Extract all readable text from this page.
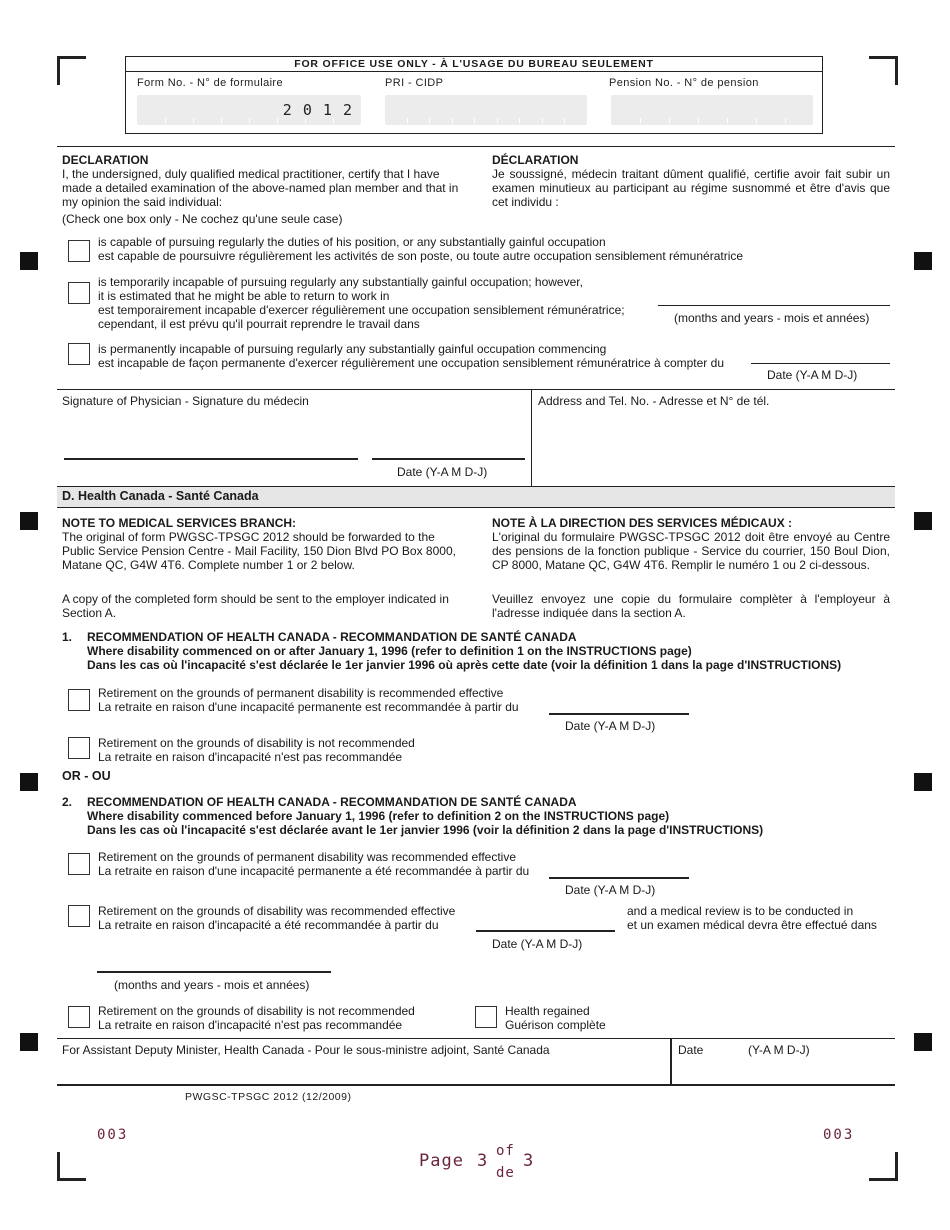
FOR OFFICE USE ONLY - À L'USAGE DU BUREAU SEULEMENT
Form No. - N° de formulaire	PRI - CIDP	Pension No. - N° de pension
2 0 1 2
DECLARATION
I, the undersigned, duly qualified medical practitioner, certify that I have made a detailed examination of the above-named plan member and that in my opinion the said individual:
DÉCLARATION
Je soussigné, médecin traitant dûment qualifié, certifie avoir fait subir un examen minutieux au participant au régime susnommé et être d'avis que cet individu :
(Check one box only - Ne cochez qu'une seule case)
is capable of pursuing regularly the duties of his position, or any substantially gainful occupation
est capable de poursuivre régulièrement les activités de son poste, ou toute autre occupation sensiblement rémunératrice
is temporarily incapable of pursuing regularly any substantially gainful occupation; however,
it is estimated that he might be able to return to work in
est temporairement incapable d'exercer régulièrement une occupation sensiblement rémunératrice;
cependant, il est prévu qu'il pourrait reprendre le travail dans	(months and years - mois et années)
is permanently incapable of pursuing regularly any substantially gainful occupation commencing
est incapable de façon permanente d'exercer régulièrement une occupation sensiblement rémunératrice à compter du
Date (Y-A M D-J)
Signature of Physician - Signature du médecin
Date (Y-A M D-J)
Address and Tel. No. - Adresse et N° de tél.
D. Health Canada - Santé Canada
NOTE TO MEDICAL SERVICES BRANCH:
The original of form PWGSC-TPSGC 2012 should be forwarded to the Public Service Pension Centre - Mail Facility, 150 Dion Blvd PO Box 8000, Matane QC, G4W 4T6. Complete number 1 or 2 below.
A copy of the completed form should be sent to the employer indicated in Section A.
NOTE À LA DIRECTION DES SERVICES MÉDICAUX :
L'original du formulaire PWGSC-TPSGC 2012 doit être envoyé au Centre des pensions de la fonction publique - Service du courrier, 150 Boul Dion, CP 8000, Matane QC, G4W 4T6. Remplir le numéro 1 ou 2 ci-dessous.
Veuillez envoyez une copie du formulaire complèter à l'employeur à l'adresse indiquée dans la section A.
1. RECOMMENDATION OF HEALTH CANADA - RECOMMANDATION DE SANTÉ CANADA
Where disability commenced on or after January 1, 1996 (refer to definition 1 on the INSTRUCTIONS page)
Dans les cas où l'incapacité s'est déclarée le 1er janvier 1996 où après cette date (voir la définition 1 dans la page d'INSTRUCTIONS)
Retirement on the grounds of permanent disability is recommended effective
La retraite en raison d'une incapacité permanente est recommandée à partir du
Date (Y-A M D-J)
Retirement on the grounds of disability is not recommended
La retraite en raison d'incapacité n'est pas recommandée
OR - OU
2. RECOMMENDATION OF HEALTH CANADA - RECOMMANDATION DE SANTÉ CANADA
Where disability commenced before January 1, 1996 (refer to definition 2 on the INSTRUCTIONS page)
Dans les cas où l'incapacité s'est déclarée avant le 1er janvier 1996 (voir la définition 2 dans la page d'INSTRUCTIONS)
Retirement on the grounds of permanent disability was recommended effective
La retraite en raison d'une incapacité permanente a été recommandée à partir du
Date (Y-A M D-J)
Retirement on the grounds of disability was recommended effective
La retraite en raison d'incapacité a été recommandée à partir du
Date (Y-A M D-J)
and a medical review is to be conducted in
et un examen médical devra être effectué dans
(months and years - mois et années)
Retirement on the grounds of disability is not recommended
La retraite en raison d'incapacité n'est pas recommandée
Health regained
Guérison complète
For Assistant Deputy Minister, Health Canada - Pour le sous-ministre adjoint, Santé Canada	Date	(Y-A M D-J)
PWGSC-TPSGC 2012 (12/2009)
003	003
Page 3 of
de
3
